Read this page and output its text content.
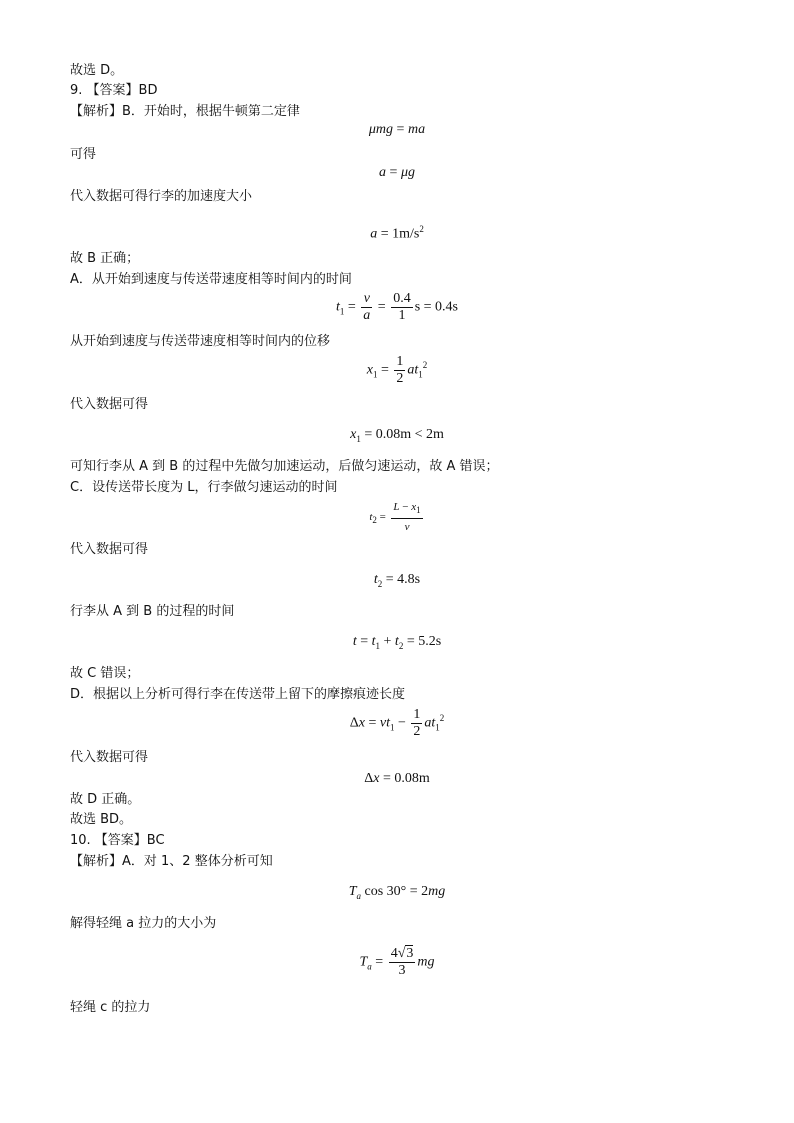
故选 D。
9. 【答案】BD
【解析】B．开始时，根据牛顿第二定律
μmg = ma
可得
a = μg
代入数据可得行李的加速度大小
$a = 1m/s^2$
故 B 正确；
A．从开始到速度与传送带速度相等时间内的时间
$t_1 = \frac{v}{a} = \frac{0.4}{1}$ s = 0.4s
从开始到速度与传送带速度相等时间内的位移
$x_1 = \frac{1}{2} at_1^2$
代入数据可得
$x_1 = 0.08m < 2m$
可知行李从 A 到 B 的过程中先做匀加速运动，后做匀速运动，故 A 错误；
C．设传送带长度为 L，行李做匀速运动的时间
$t_2 = \frac{L - x_1}{v}$
代入数据可得
$t_2 = 4.8s$
行李从 A 到 B 的过程的时间
$t = t_1 + t_2 = 5.2s$
故 C 错误；
D．根据以上分析可得行李在传送带上留下的摩擦痕迹长度
$\Delta x = vt_1 - \frac{1}{2} at_1^2$
代入数据可得
Δx = 0.08m
故 D 正确。
故选 BD。
10. 【答案】BC
【解析】A．对 1、2 整体分析可知
$T_a$ cos 30° = 2mg
解得轻绳 a 拉力的大小为
$T_a = \frac{4√3}{3}$ mg
轻绳 c 的拉力
